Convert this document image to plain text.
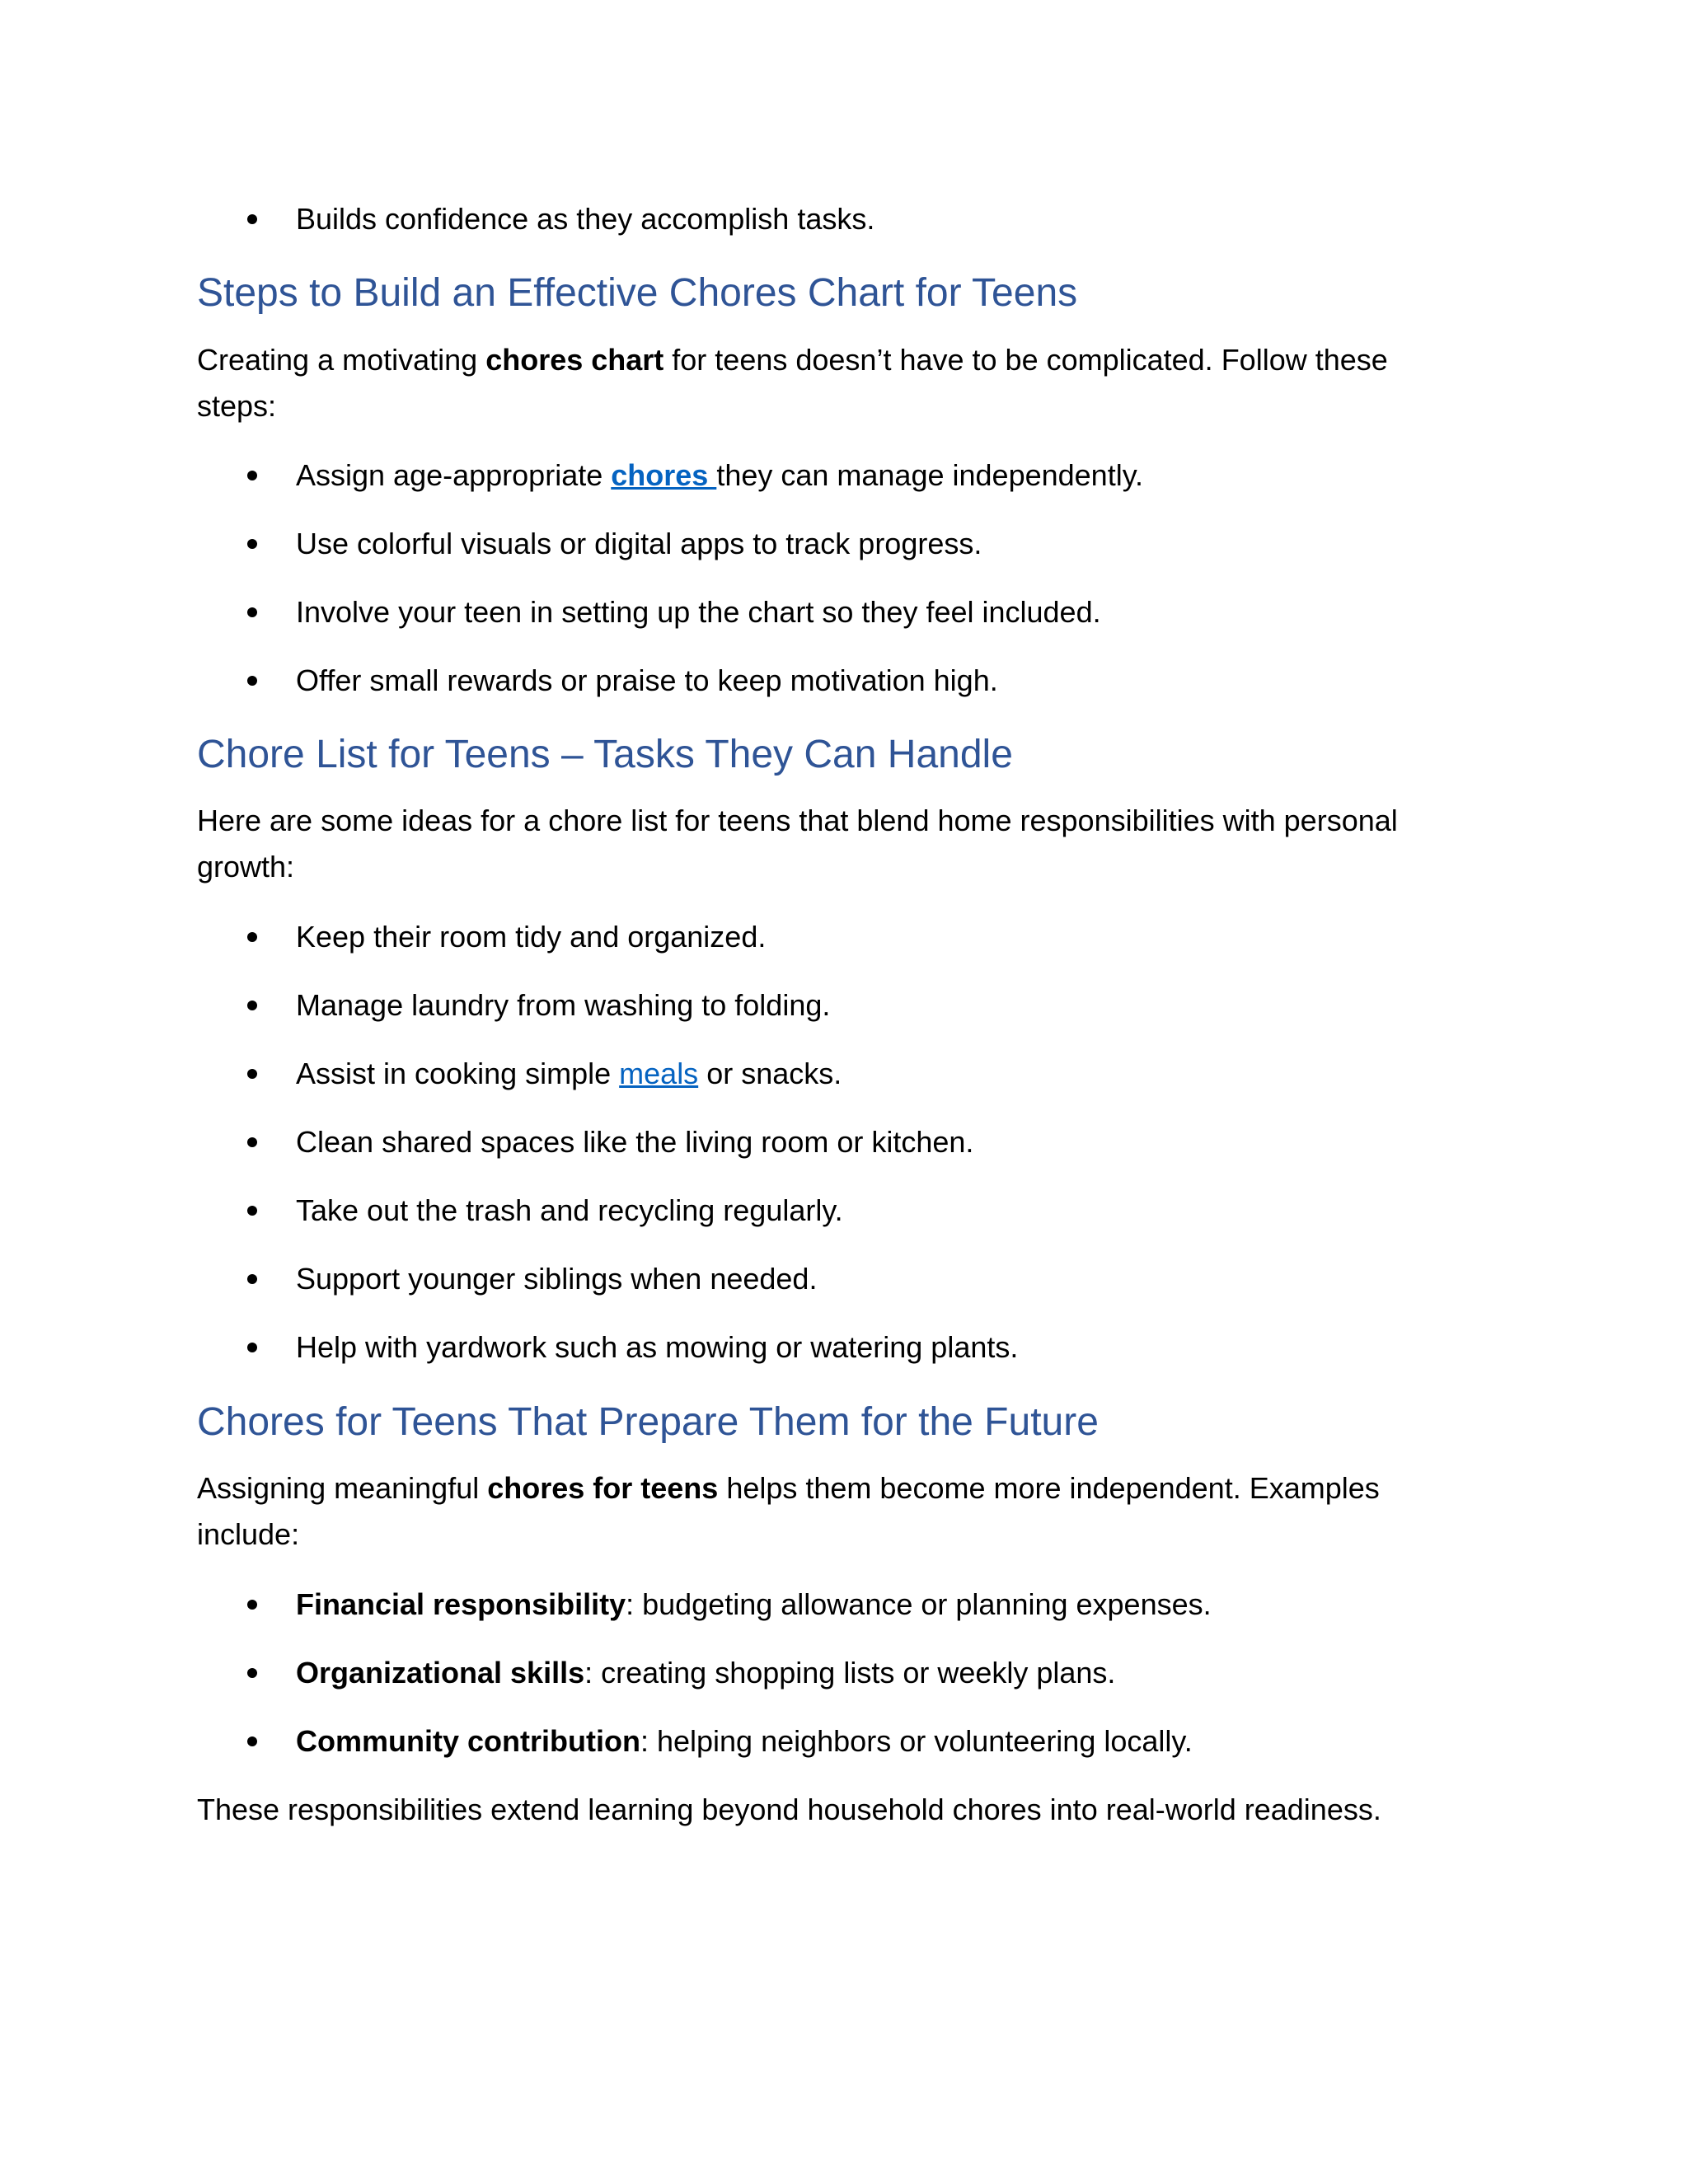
Builds confidence as they accomplish tasks.
Steps to Build an Effective Chores Chart for Teens
Creating a motivating chores chart for teens doesn’t have to be complicated. Follow these
steps:
Assign age-appropriate chores they can manage independently.
Use colorful visuals or digital apps to track progress.
Involve your teen in setting up the chart so they feel included.
Offer small rewards or praise to keep motivation high.
Chore List for Teens – Tasks They Can Handle
Here are some ideas for a chore list for teens that blend home responsibilities with personal
growth:
Keep their room tidy and organized.
Manage laundry from washing to folding.
Assist in cooking simple meals or snacks.
Clean shared spaces like the living room or kitchen.
Take out the trash and recycling regularly.
Support younger siblings when needed.
Help with yardwork such as mowing or watering plants.
Chores for Teens That Prepare Them for the Future
Assigning meaningful chores for teens helps them become more independent. Examples
include:
Financial responsibility: budgeting allowance or planning expenses.
Organizational skills: creating shopping lists or weekly plans.
Community contribution: helping neighbors or volunteering locally.
These responsibilities extend learning beyond household chores into real-world readiness.
